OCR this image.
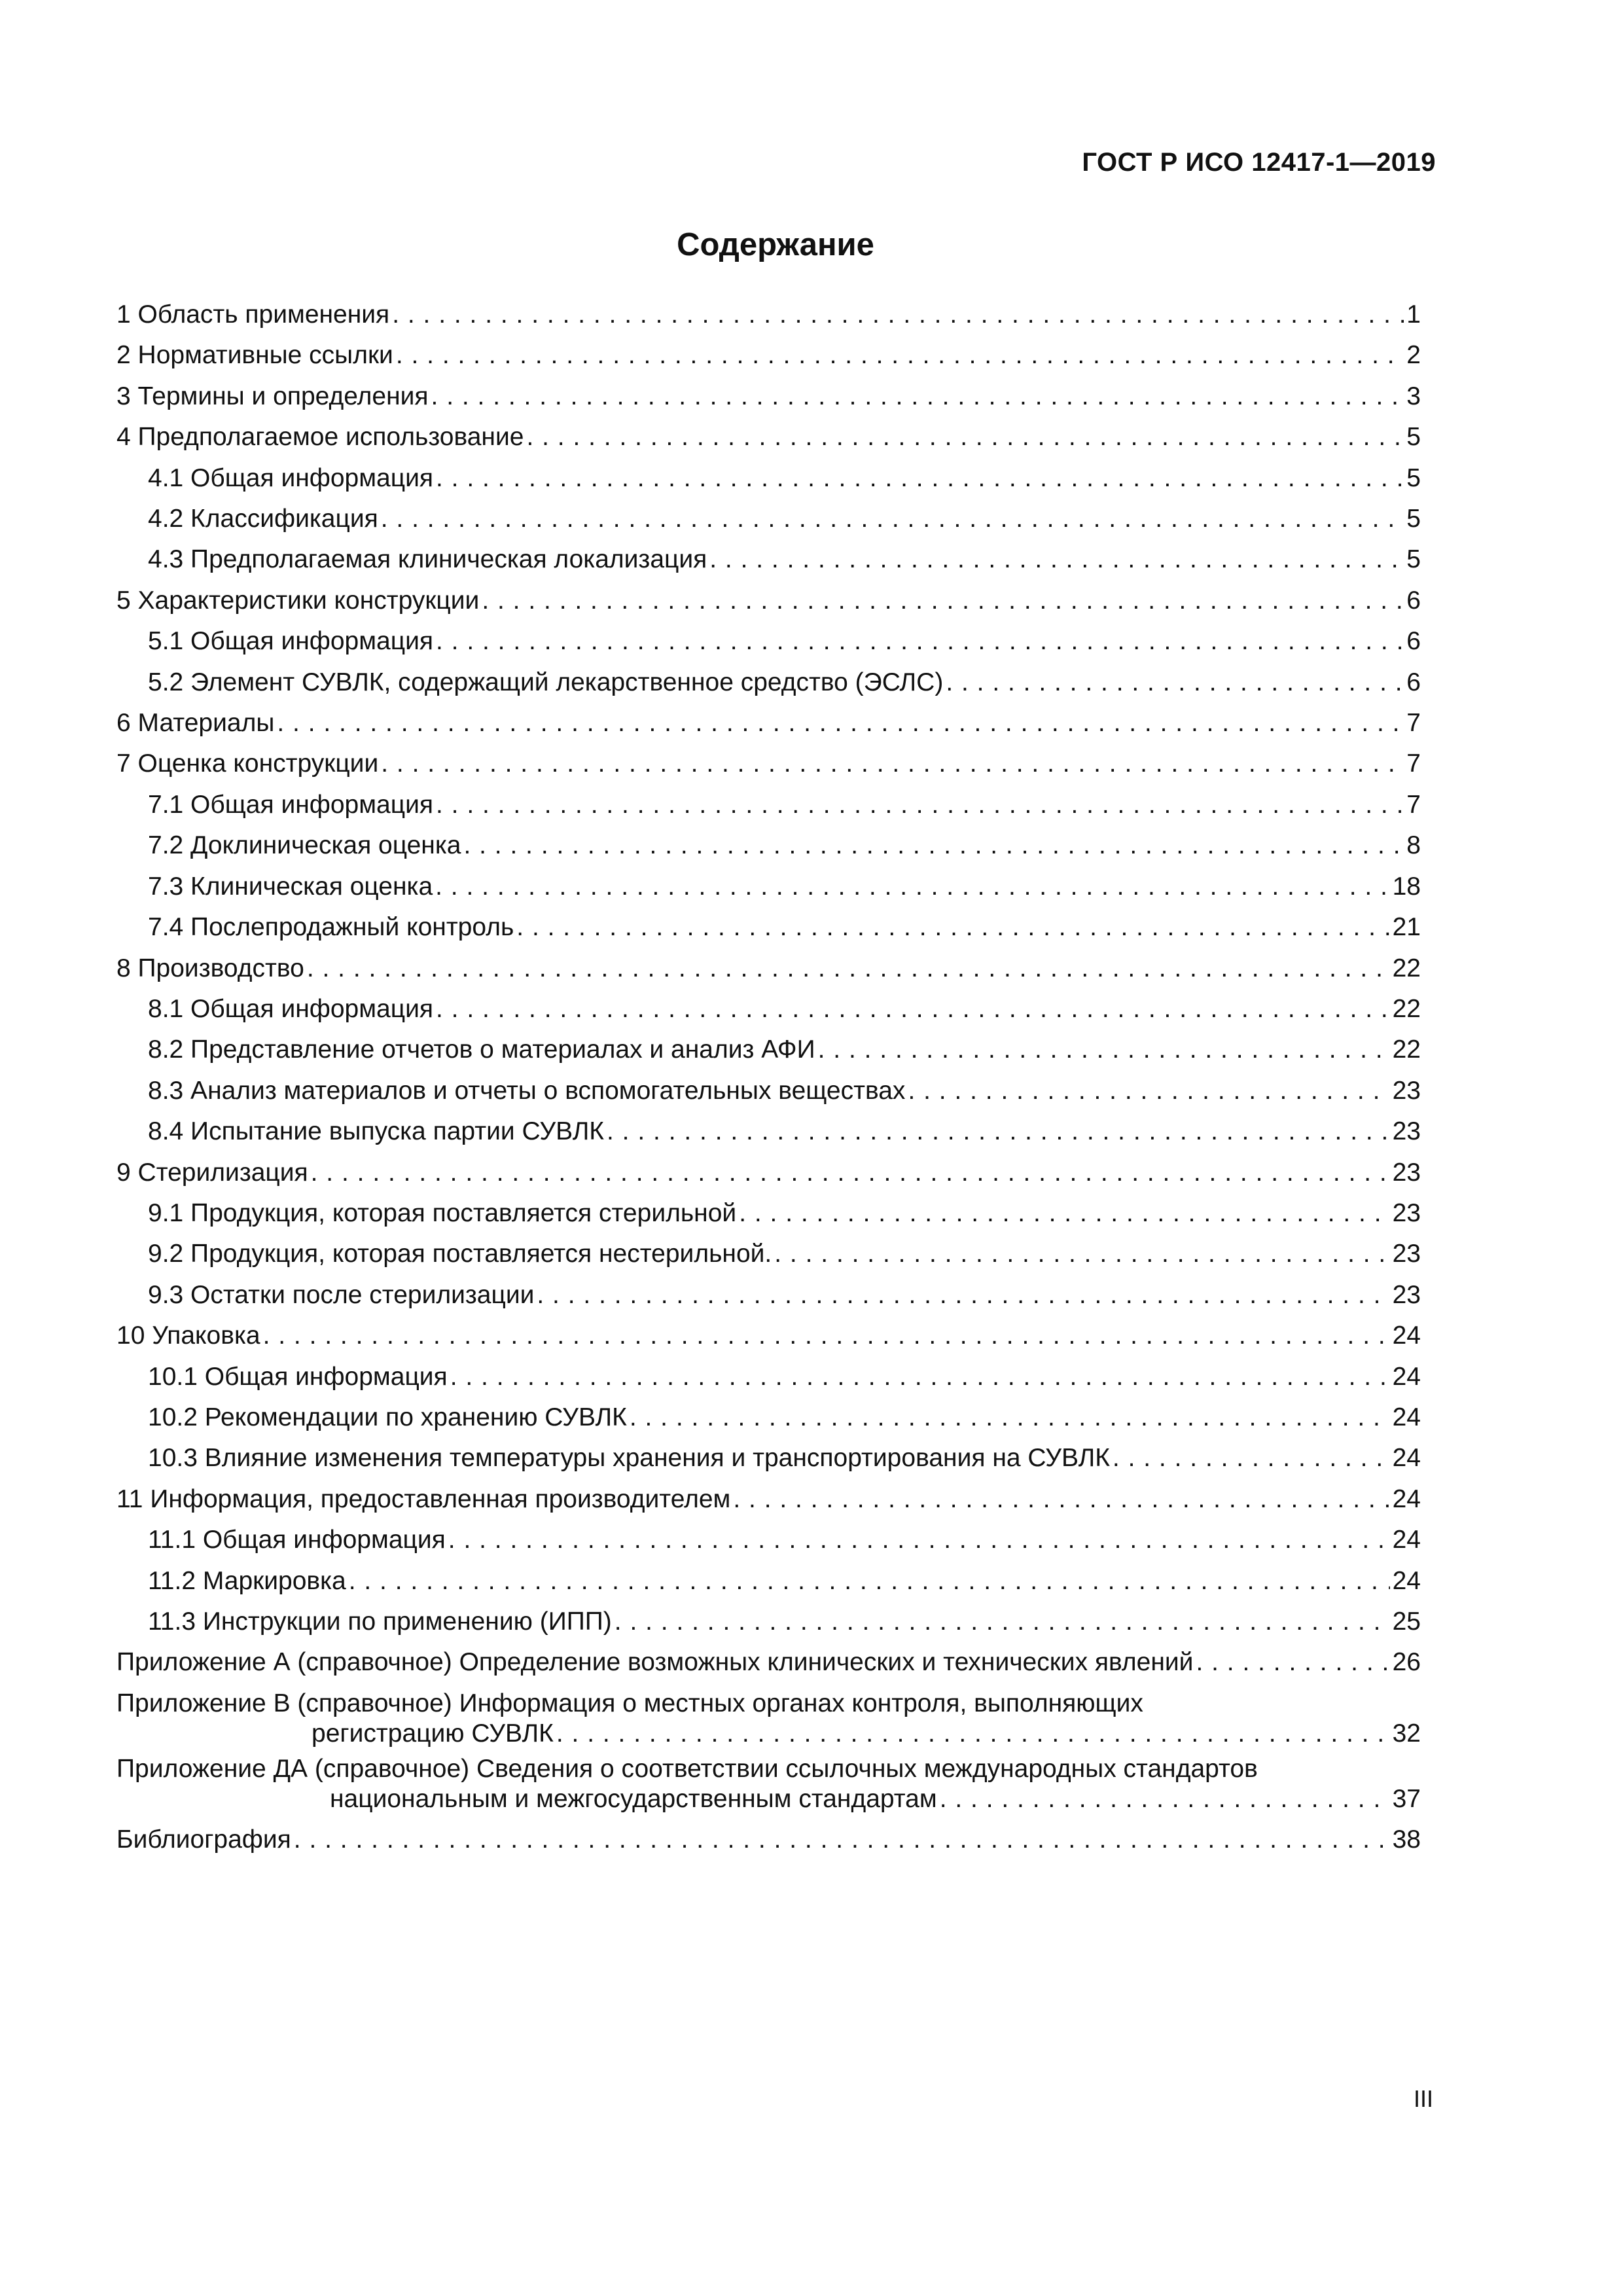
ГОСТ Р ИСО 12417-1—2019
Содержание
1 Область применения . . .	1
2 Нормативные ссылки . . .	2
3 Термины и определения . . .	3
4 Предполагаемое использование . . .	5
4.1 Общая информация . . .	5
4.2 Классификация . . .	5
4.3 Предполагаемая клиническая локализация . . .	5
5 Характеристики конструкции . . .	6
5.1 Общая информация . . .	6
5.2 Элемент СУВЛК, содержащий лекарственное средство (ЭСЛС) . . .	6
6 Материалы . . .	7
7 Оценка конструкции . . .	7
7.1 Общая информация . . .	7
7.2 Доклиническая оценка . . .	8
7.3 Клиническая оценка . . .	18
7.4 Послепродажный контроль . . .	21
8 Производство . . .	22
8.1 Общая информация . . .	22
8.2 Представление отчетов о материалах и анализ АФИ . . .	22
8.3 Анализ материалов и отчеты о вспомогательных веществах . . .	23
8.4 Испытание выпуска партии СУВЛК . . .	23
9 Стерилизация . . .	23
9.1 Продукция, которая поставляется стерильной . . .	23
9.2 Продукция, которая поставляется нестерильной. . . .	23
9.3 Остатки после стерилизации . . .	23
10 Упаковка . . .	24
10.1 Общая информация . . .	24
10.2 Рекомендации по хранению СУВЛК . . .	24
10.3 Влияние изменения температуры хранения и транспортирования на СУВЛК . . .	24
11 Информация, предоставленная производителем . . .	24
11.1 Общая информация . . .	24
11.2 Маркировка . . .	24
11.3 Инструкции по применению (ИПП) . . .	25
Приложение А (справочное) Определение возможных клинических и технических явлений . . .	26
Приложение В (справочное) Информация о местных органах контроля, выполняющих
регистрацию СУВЛК . . .	32
Приложение ДА (справочное) Сведения о соответствии ссылочных международных стандартов
национальным и межгосударственным стандартам . . .	37
Библиография . . .	38
III
